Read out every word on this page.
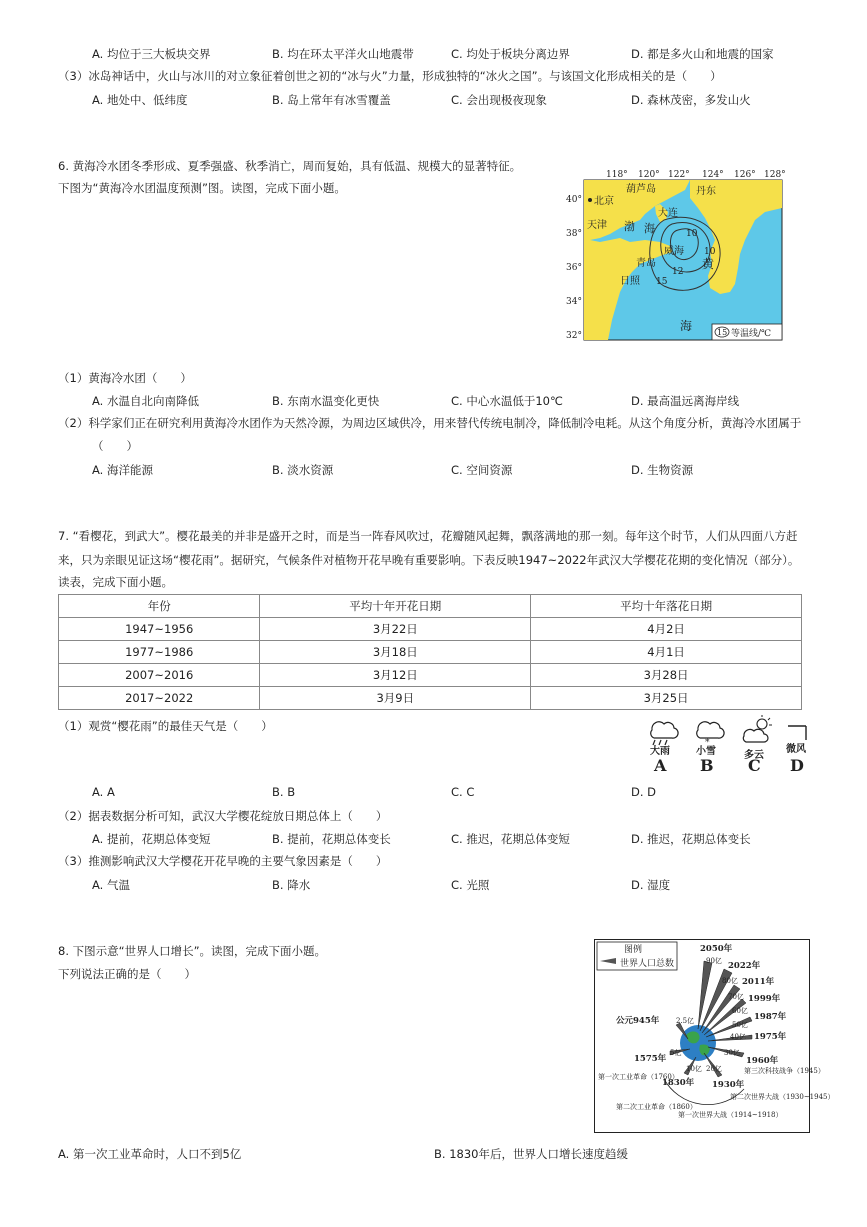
A. 均位于三大板块交界	B. 均在环太平洋火山地震带	C. 均处于板块分离边界	D. 都是多火山和地震的国家
（3）冰岛神话中，火山与冰川的对立象征着创世之初的“冰与火”力量，形成独特的“冰火之国”。与该国文化形成相关的是（　　）
A. 地处中、低纬度	B. 岛上常年有冰雪覆盖	C. 会出现极夜现象	D. 森林茂密，多发山火
6. 黄海冷水团冬季形成、夏季强盛、秋季消亡，周而复始，具有低温、规模大的显著特征。
下图为“黄海冷水团温度预测”图。读图，完成下面小题。
118° 120° 122° 124° 126° 128°
40°
38°
36°
34°
32°
北京
天津
葫芦岛	丹东
大连
渤 海
威海
青岛
日照
黄
海
10
10
12
15
15 等温线/℃
（1）黄海冷水团（　　）
A. 水温自北向南降低	B. 东南水温变化更快	C. 中心水温低于10℃	D. 最高温远离海岸线
（2）科学家们正在研究利用黄海冷水团作为天然冷源，为周边区域供冷，用来替代传统电制冷，降低制冷电耗。从这个角度分析，黄海冷水团属于
（　　）
A. 海洋能源	B. 淡水资源	C. 空间资源	D. 生物资源
7. “看樱花，到武大”。樱花最美的并非是盛开之时，而是当一阵春风吹过，花瓣随风起舞，飘落满地的那一刻。每年这个时节，人们从四面八方赶
来，只为亲眼见证这场“樱花雨”。据研究，气候条件对植物开花早晚有重要影响。下表反映1947~2022年武汉大学樱花花期的变化情况（部分）。
读表，完成下面小题。
年份	平均十年开花日期	平均十年落花日期
1947~1956	3月22日	4月2日
1977~1986	3月18日	4月1日
2007~2016	3月12日	3月28日
2017~2022	3月9日	3月25日
（1）观赏“樱花雨”的最佳天气是（　　）
*
大雨	小雪	多云
微风
A B C D
A. A	B. B	C. C	D. D
（2）据表数据分析可知，武汉大学樱花绽放日期总体上（　　）
A. 提前，花期总体变短	B. 提前，花期总体变长	C. 推迟，花期总体变短	D. 推迟，花期总体变长
（3）推测影响武汉大学樱花开花早晚的主要气象因素是（　　）
A. 气温	B. 降水	C. 光照	D. 湿度
8. 下图示意“世界人口增长”。读图，完成下面小题。
下列说法正确的是（　　）
图例
世界人口总数
2050年
2022年
2011年
1999年
1987年
1975年
1960年
1930年
1830年
1575年
公元945年
90亿
80亿
70亿
60亿
50亿
40亿
30亿
20亿
10亿
5亿
2.5亿
第一次工业革命（1760）
第二次工业革命（1860）
第一次世界大战（1914~1918）
第二次世界大战（1930~1945）
第三次科技战争（1945）
A. 第一次工业革命时，人口不到5亿	B. 1830年后，世界人口增长速度趋缓
